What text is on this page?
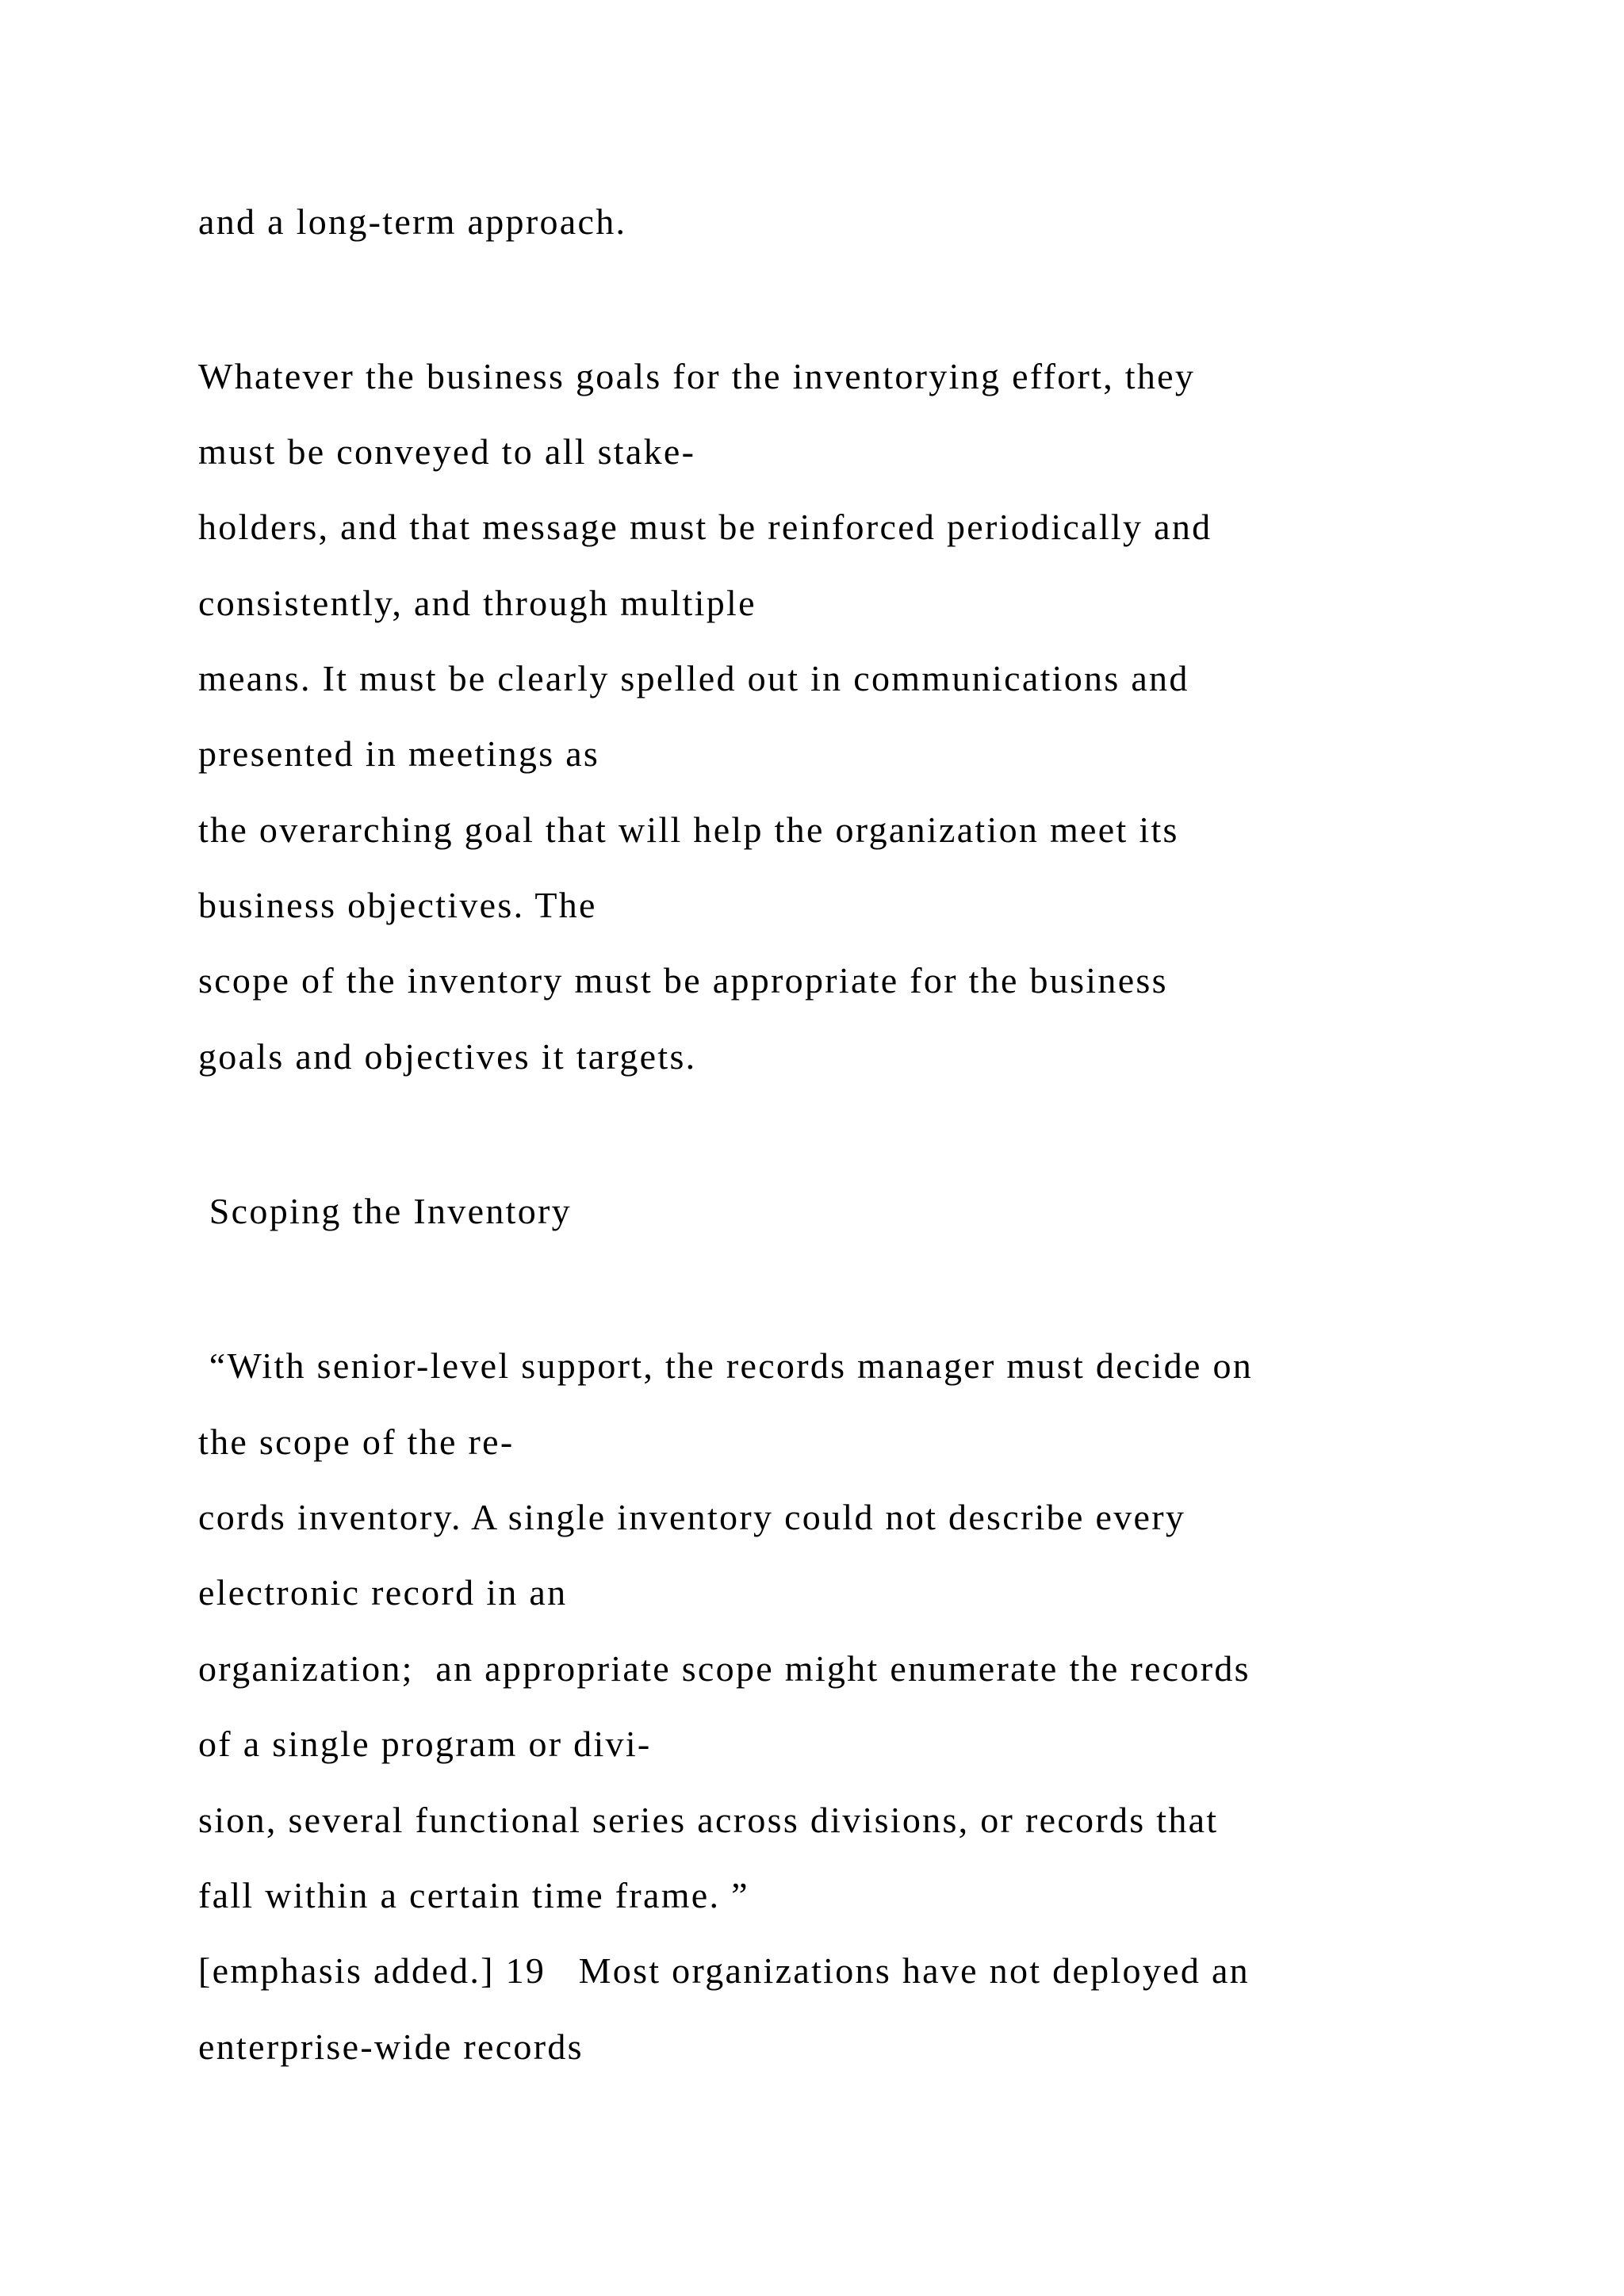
and a long-term approach.

Whatever the business goals for the inventorying effort, they

must be conveyed to all stake-

holders, and that message must be reinforced periodically and

consistently, and through multiple

means. It must be clearly spelled out in communications and

presented in meetings as

the overarching goal that will help the organization meet its

business objectives. The

scope of the inventory must be appropriate for the business

goals and objectives it targets.

Scoping the Inventory

“With senior-level support, the records manager must decide on

the scope of the re-

cords inventory. A single inventory could not describe every

electronic record in an

organization;  an appropriate scope might enumerate the records

of a single program or divi-

sion, several functional series across divisions, or records that

fall within a certain time frame. ”

[emphasis added.] 19   Most organizations have not deployed an

enterprise-wide records
